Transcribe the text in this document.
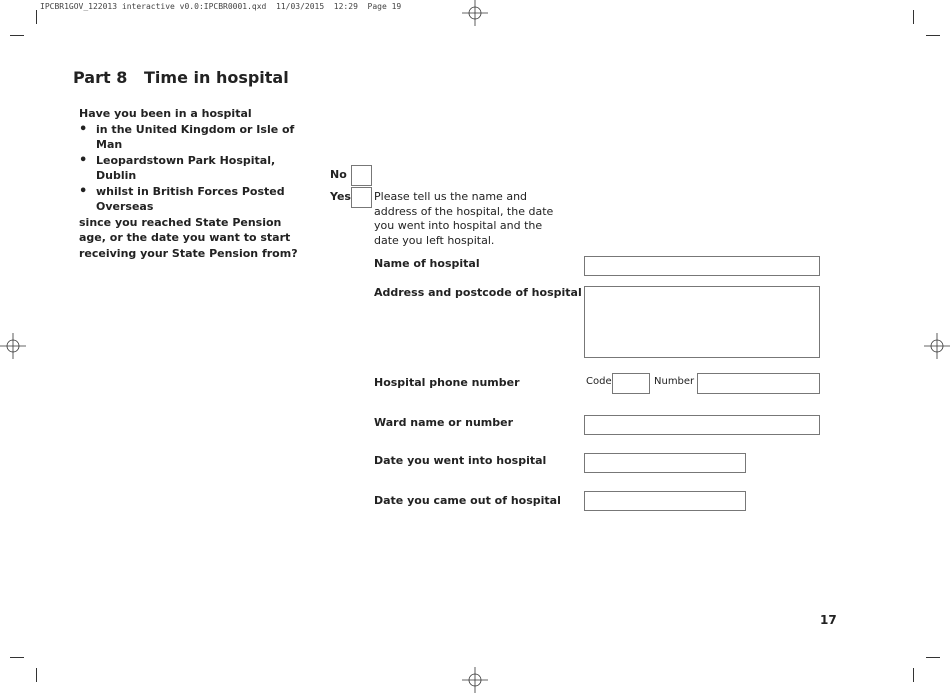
IPCBR1GOV_122013 interactive v0.0:IPCBR0001.qxd  11/03/2015  12:29  Page 19
Part 8 Time in hospital
Have you been in a hospital
• in the United Kingdom or Isle of Man
• Leopardstown Park Hospital, Dublin
• whilst in British Forces Posted Overseas
since you reached State Pension age, or the date you want to start receiving your State Pension from?
No
Yes Please tell us the name and address of the hospital, the date you went into hospital and the date you left hospital.
Name of hospital
Address and postcode of hospital
Hospital phone number	Code	Number
Ward name or number
Date you went into hospital
Date you came out of hospital
17
